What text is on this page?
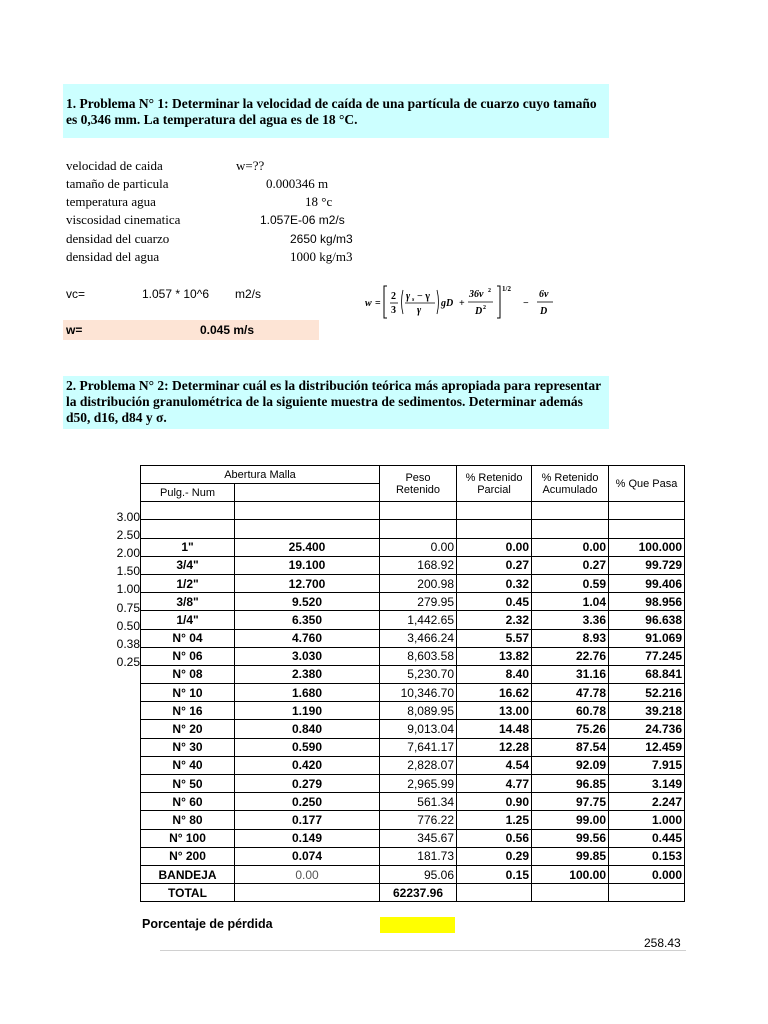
1. Problema N° 1: Determinar la velocidad de caída de una partícula de cuarzo cuyo tamaño es 0,346 mm. La temperatura del agua es de 18 °C.
velocidad de caida	w=??
tamaño de particula	0.000346 m
temperatura agua	18 °c
viscosidad cinematica	1.057E-06 m2/s
densidad del cuarzo	2650 kg/m3
densidad del agua	1000 kg/m3
vc=	1.057 * 10^6 m2/s
w =
2
3
γ s − γ
γ
gD +
36ν 2
D 2
1/2
−
6ν
D
w=	0.045 m/s
2. Problema N° 2: Determinar cuál es la distribución teórica más apropiada para representar la distribución granulométrica de la siguiente muestra de sedimentos. Determinar además d50, d16, d84 y σ.
3.00
2.50
2.00
1.50
1.00
0.75
0.50
0.38
0.25
Abertura Malla		Peso Retenido	% Retenido Parcial	% Retenido Acumulado	% Que Pasa
Pulg.- Num					

1"	25.400	0.00	0.00	0.00	100.000
3/4"	19.100	168.92	0.27	0.27	99.729
1/2"	12.700	200.98	0.32	0.59	99.406
3/8"	9.520	279.95	0.45	1.04	98.956
1/4"	6.350	1,442.65	2.32	3.36	96.638
N° 04	4.760	3,466.24	5.57	8.93	91.069
N° 06	3.030	8,603.58	13.82	22.76	77.245
N° 08	2.380	5,230.70	8.40	31.16	68.841
N° 10	1.680	10,346.70	16.62	47.78	52.216
N° 16	1.190	8,089.95	13.00	60.78	39.218
N° 20	0.840	9,013.04	14.48	75.26	24.736
N° 30	0.590	7,641.17	12.28	87.54	12.459
N° 40	0.420	2,828.07	4.54	92.09	7.915
N° 50	0.279	2,965.99	4.77	96.85	3.149
N° 60	0.250	561.34	0.90	97.75	2.247
N° 80	0.177	776.22	1.25	99.00	1.000
N° 100	0.149	345.67	0.56	99.56	0.445
N° 200	0.074	181.73	0.29	99.85	0.153
BANDEJA	0.00	95.06	0.15	100.00	0.000
TOTAL		62237.96			
Porcentaje de pérdida
258.43
